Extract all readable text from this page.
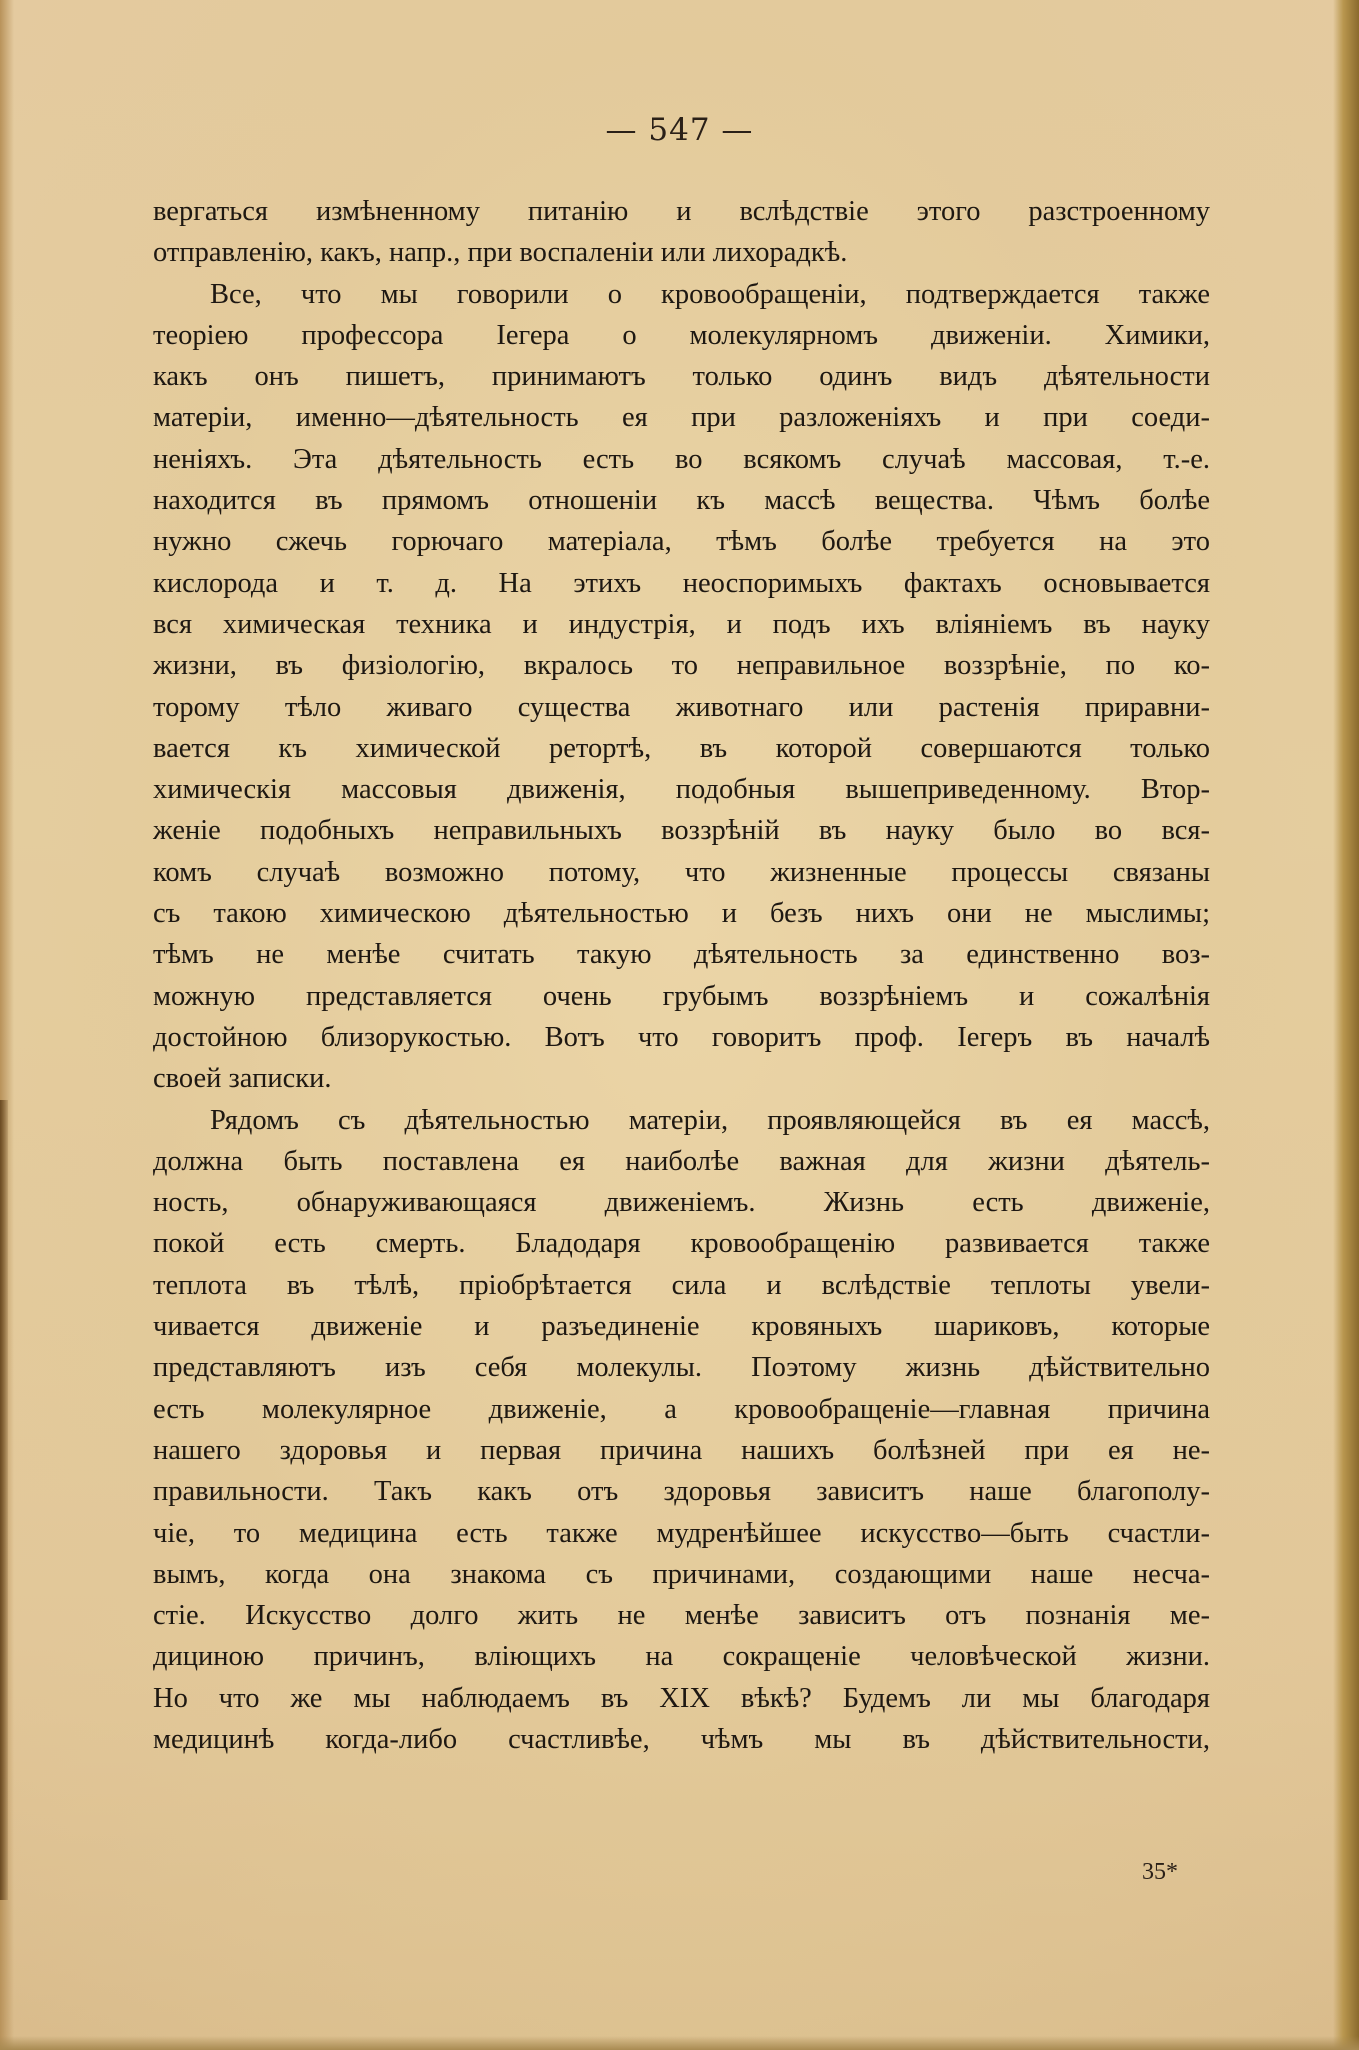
— 547 —

вергаться измѣненному питанію и вслѣдствіе этого разстроенному

отправленію, какъ, напр., при воспаленіи или лихорадкѣ.

Все, что мы говорили о кровообращеніи, подтверждается также

теоріею профессора Іегера о молекулярномъ движеніи. Химики,

какъ онъ пишетъ, принимаютъ только одинъ видъ дѣятельности

матеріи, именно—дѣятельность ея при разложеніяхъ и при соеди-

неніяхъ. Эта дѣятельность есть во всякомъ случаѣ массовая, т.-е.

находится въ прямомъ отношеніи къ массѣ вещества. Чѣмъ болѣе

нужно сжечь горючаго матеріала, тѣмъ болѣе требуется на это

кислорода и т. д. На этихъ неоспоримыхъ фактахъ основывается

вся химическая техника и индустрія, и подъ ихъ вліяніемъ въ науку

жизни, въ физіологію, вкралось то неправильное воззрѣніе, по ко-

торому тѣло живаго существа животнаго или растенія приравни-

вается къ химической ретортѣ, въ которой совершаются только

химическія массовыя движенія, подобныя вышеприведенному. Втор-

женіе подобныхъ неправильныхъ воззрѣній въ науку было во вся-

комъ случаѣ возможно потому, что жизненные процессы связаны

съ такою химическою дѣятельностью и безъ нихъ они не мыслимы;

тѣмъ не менѣе считать такую дѣятельность за единственно воз-

можную представляется очень грубымъ воззрѣніемъ и сожалѣнія

достойною близорукостью. Вотъ что говоритъ проф. Іегеръ въ началѣ

своей записки.

Рядомъ съ дѣятельностью матеріи, проявляющейся въ ея массѣ,

должна быть поставлена ея наиболѣе важная для жизни дѣятель-

ность, обнаруживающаяся движеніемъ. Жизнь есть движеніе,

покой есть смерть. Бладодаря кровообращенію развивается также

теплота въ тѣлѣ, пріобрѣтается сила и вслѣдствіе теплоты увели-

чивается движеніе и разъединеніе кровяныхъ шариковъ, которые

представляютъ изъ себя молекулы. Поэтому жизнь дѣйствительно

есть молекулярное движеніе, а кровообращеніе—главная причина

нашего здоровья и первая причина нашихъ болѣзней при ея не-

правильности. Такъ какъ отъ здоровья зависитъ наше благополу-

чіе, то медицина есть также мудренѣйшее искусство—быть счастли-

вымъ, когда она знакома съ причинами, создающими наше несча-

стіе. Искусство долго жить не менѣе зависитъ отъ познанія ме-

дициною причинъ, вліющихъ на сокращеніе человѣческой жизни.

Но что же мы наблюдаемъ въ XIX вѣкѣ? Будемъ ли мы благодаря

медицинѣ когда-либо счастливѣе, чѣмъ мы въ дѣйствительности,

35*
